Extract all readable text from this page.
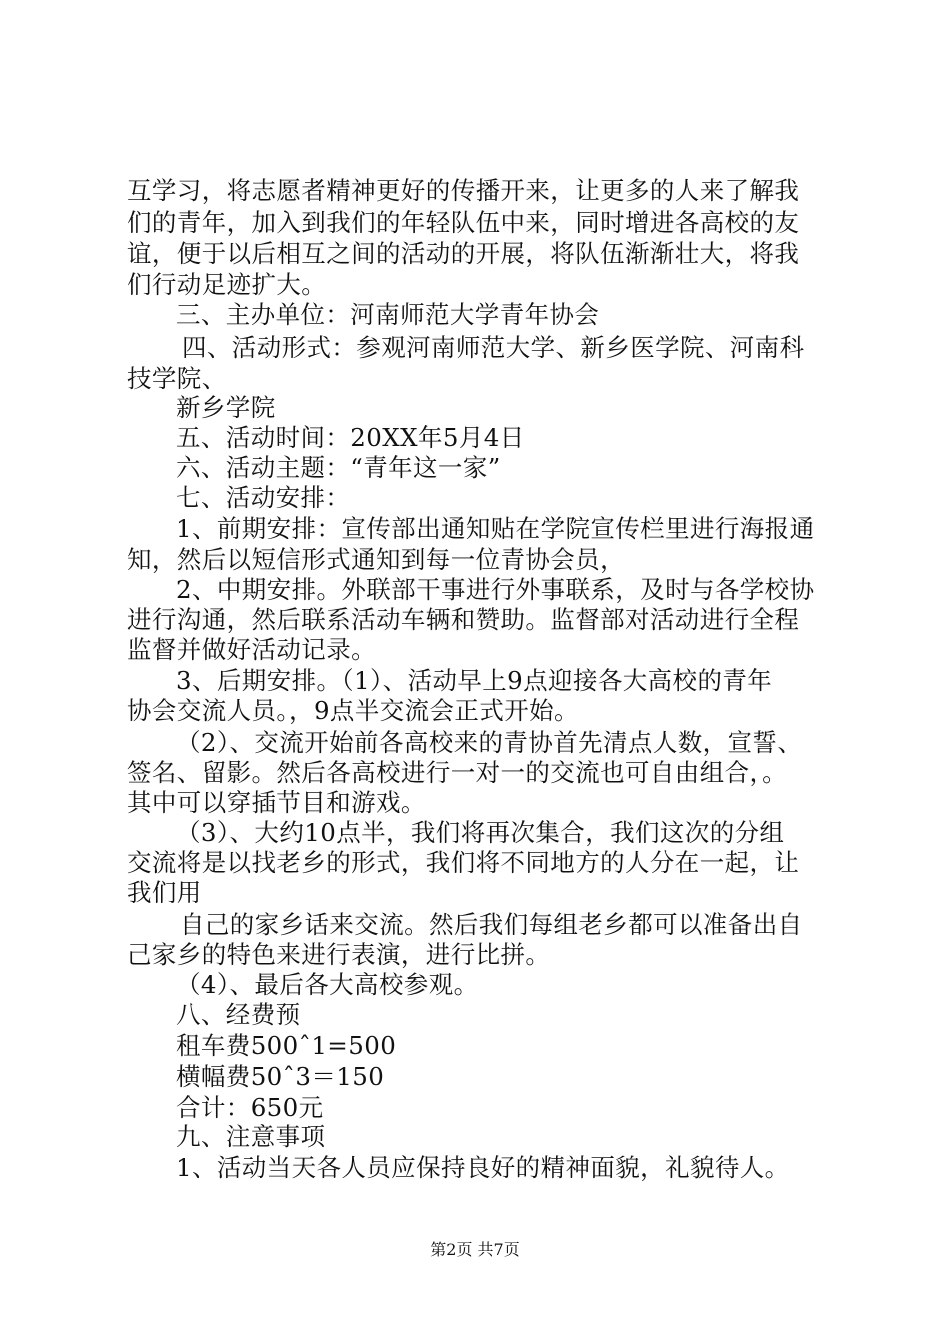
互学习，将志愿者精神更好的传播开来，让更多的人来了解我
们的青年，加入到我们的年轻队伍中来，同时增进各高校的友
谊，便于以后相互之间的活动的开展，将队伍渐渐壮大，将我
们行动足迹扩大。
三、主办单位：河南师范大学青年协会
四、活动形式：参观河南师范大学、新乡医学院、河南科
技学院、
新乡学院
五、活动时间：20XX年5月4日
六、活动主题：“青年这一家”
七、活动安排：
1、前期安排：宣传部出通知贴在学院宣传栏里进行海报通
知，然后以短信形式通知到每一位青协会员，
2、中期安排。外联部干事进行外事联系，及时与各学校协
进行沟通，然后联系活动车辆和赞助。监督部对活动进行全程
监督并做好活动记录。
3、后期安排。（1）、活动早上9点迎接各大高校的青年
协会交流人员。，9点半交流会正式开始。
（2）、交流开始前各高校来的青协首先清点人数，宣誓、
签名、留影。然后各高校进行一对一的交流也可自由组合，。
其中可以穿插节目和游戏。
（3）、大约10点半，我们将再次集合，我们这次的分组
交流将是以找老乡的形式，我们将不同地方的人分在一起，让
我们用
自己的家乡话来交流。然后我们每组老乡都可以准备出自
己家乡的特色来进行表演，进行比拼。
（4）、最后各大高校参观。
八、经费预
租车费500ˆ1=500
横幅费50ˆ3＝150
合计：650元
九、注意事项
1、活动当天各人员应保持良好的精神面貌，礼貌待人。
第2页 共7页
